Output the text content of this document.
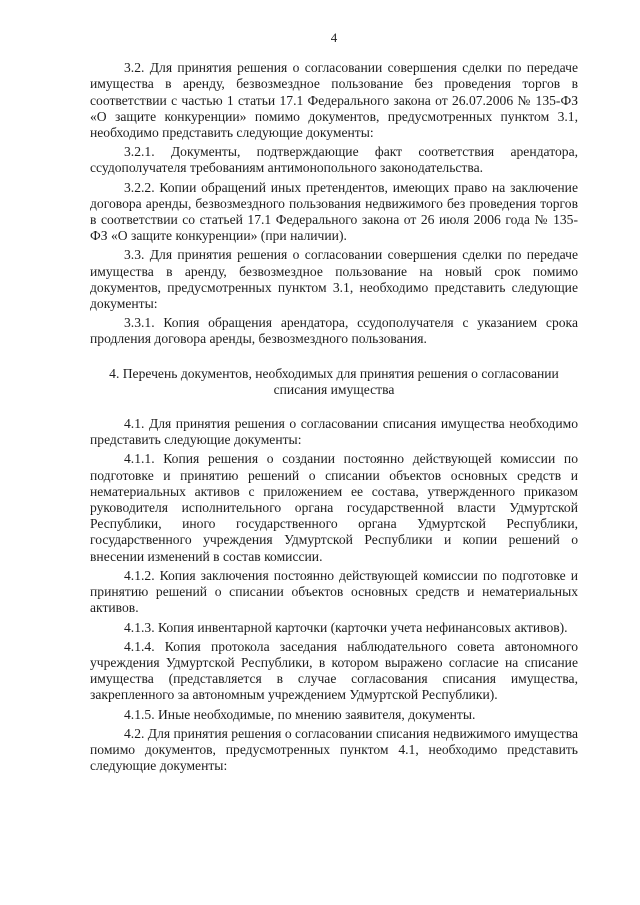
4

3.2. Для принятия решения о согласовании совершения сделки по передаче имущества в аренду, безвозмездное пользование без проведения торгов в соответствии с частью 1 статьи 17.1 Федерального закона от 26.07.2006 № 135-ФЗ «О защите конкуренции» помимо документов, предусмотренных пунктом 3.1, необходимо представить следующие документы:

3.2.1. Документы, подтверждающие факт соответствия арендатора, ссудополучателя требованиям антимонопольного законодательства.

3.2.2. Копии обращений иных претендентов, имеющих право на заключение договора аренды, безвозмездного пользования недвижимого без проведения торгов в соответствии со статьей 17.1 Федерального закона от 26 июля 2006 года № 135-ФЗ «О защите конкуренции» (при наличии).

3.3. Для принятия решения о согласовании совершения сделки по передаче имущества в аренду, безвозмездное пользование на новый срок помимо документов, предусмотренных пунктом 3.1, необходимо представить следующие документы:

3.3.1. Копия обращения арендатора, ссудополучателя с указанием срока продления договора аренды, безвозмездного пользования.

4. Перечень документов, необходимых для принятия решения о согласовании
списания имущества

4.1. Для принятия решения о согласовании списания имущества необходимо представить следующие документы:

4.1.1. Копия решения о создании постоянно действующей комиссии по подготовке и принятию решений о списании объектов основных средств и нематериальных активов с приложением ее состава, утвержденного приказом руководителя исполнительного органа государственной власти Удмуртской Республики, иного государственного органа Удмуртской Республики, государственного учреждения Удмуртской Республики и копии решений о внесении изменений в состав комиссии.

4.1.2. Копия заключения постоянно действующей комиссии по подготовке и принятию решений о списании объектов основных средств и нематериальных активов.

4.1.3. Копия инвентарной карточки (карточки учета нефинансовых активов).

4.1.4. Копия протокола заседания наблюдательного совета автономного учреждения Удмуртской Республики, в котором выражено согласие на списание имущества (представляется в случае согласования списания имущества, закрепленного за автономным учреждением Удмуртской Республики).

4.1.5. Иные необходимые, по мнению заявителя, документы.

4.2. Для принятия решения о согласовании списания недвижимого имущества помимо документов, предусмотренных пунктом 4.1, необходимо представить следующие документы:
